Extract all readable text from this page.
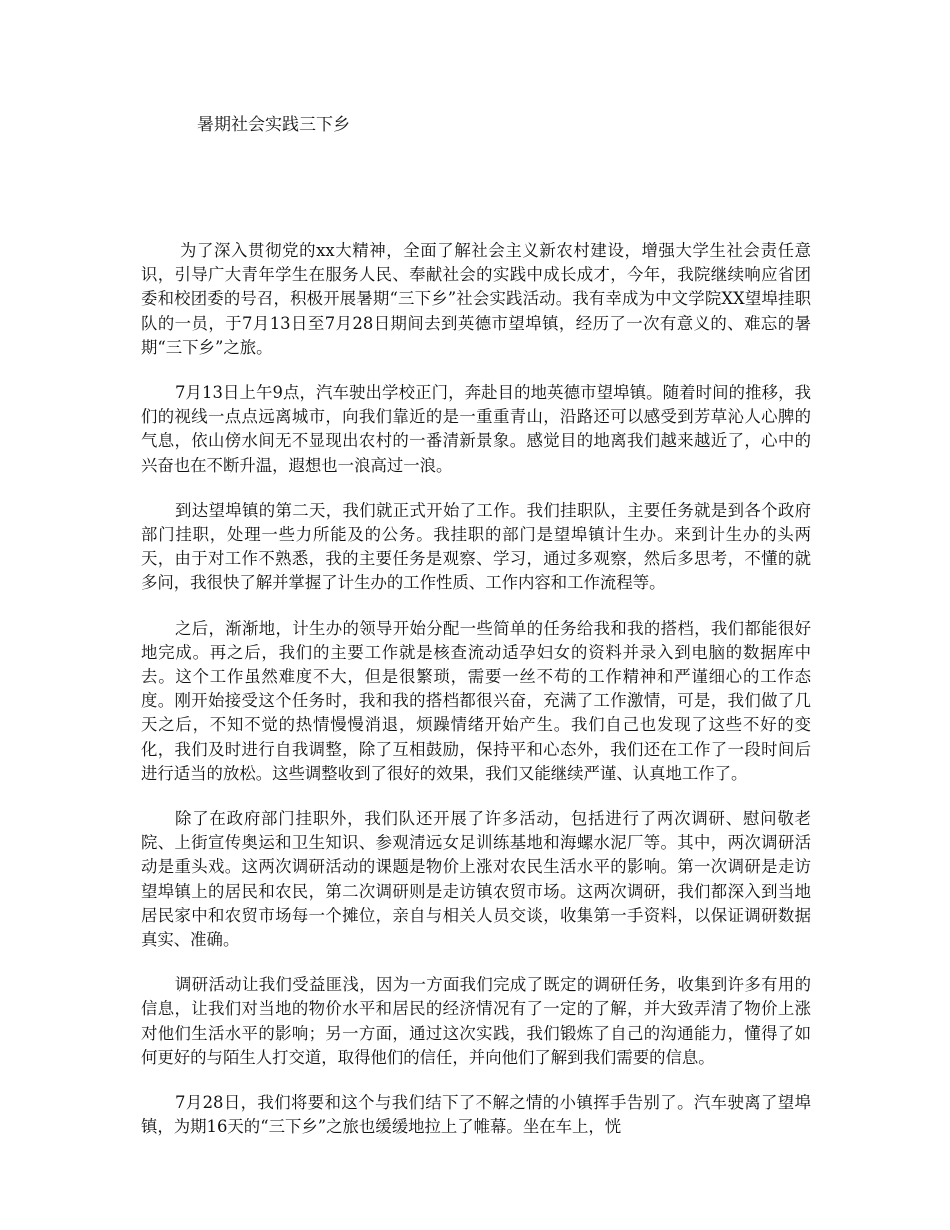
暑期社会实践三下乡

为了深入贯彻党的xx大精神，全面了解社会主义新农村建设，增强大学生社会责任意识，引导广大青年学生在服务人民、奉献社会的实践中成长成才，今年，我院继续响应省团委和校团委的号召，积极开展暑期“三下乡”社会实践活动。我有幸成为中文学院XX望埠挂职队的一员，于7月13日至7月28日期间去到英德市望埠镇，经历了一次有意义的、难忘的暑期“三下乡”之旅。

7月13日上午9点，汽车驶出学校正门，奔赴目的地英德市望埠镇。随着时间的推移，我们的视线一点点远离城市，向我们靠近的是一重重青山，沿路还可以感受到芳草沁人心脾的气息，依山傍水间无不显现出农村的一番清新景象。感觉目的地离我们越来越近了，心中的兴奋也在不断升温，遐想也一浪高过一浪。

到达望埠镇的第二天，我们就正式开始了工作。我们挂职队，主要任务就是到各个政府部门挂职，处理一些力所能及的公务。我挂职的部门是望埠镇计生办。来到计生办的头两天，由于对工作不熟悉，我的主要任务是观察、学习，通过多观察，然后多思考，不懂的就多问，我很快了解并掌握了计生办的工作性质、工作内容和工作流程等。

之后，渐渐地，计生办的领导开始分配一些简单的任务给我和我的搭档，我们都能很好地完成。再之后，我们的主要工作就是核查流动适孕妇女的资料并录入到电脑的数据库中去。这个工作虽然难度不大，但是很繁琐，需要一丝不苟的工作精神和严谨细心的工作态度。刚开始接受这个任务时，我和我的搭档都很兴奋，充满了工作激情，可是，我们做了几天之后，不知不觉的热情慢慢消退，烦躁情绪开始产生。我们自己也发现了这些不好的变化，我们及时进行自我调整，除了互相鼓励，保持平和心态外，我们还在工作了一段时间后进行适当的放松。这些调整收到了很好的效果，我们又能继续严谨、认真地工作了。

除了在政府部门挂职外，我们队还开展了许多活动，包括进行了两次调研、慰问敬老院、上街宣传奥运和卫生知识、参观清远女足训练基地和海螺水泥厂等。其中，两次调研活动是重头戏。这两次调研活动的课题是物价上涨对农民生活水平的影响。第一次调研是走访望埠镇上的居民和农民，第二次调研则是走访镇农贸市场。这两次调研，我们都深入到当地居民家中和农贸市场每一个摊位，亲自与相关人员交谈，收集第一手资料，以保证调研数据真实、准确。

调研活动让我们受益匪浅，因为一方面我们完成了既定的调研任务，收集到许多有用的信息，让我们对当地的物价水平和居民的经济情况有了一定的了解，并大致弄清了物价上涨对他们生活水平的影响；另一方面，通过这次实践，我们锻炼了自己的沟通能力，懂得了如何更好的与陌生人打交道，取得他们的信任，并向他们了解到我们需要的信息。

7月28日，我们将要和这个与我们结下了不解之情的小镇挥手告别了。汽车驶离了望埠镇，为期16天的“三下乡”之旅也缓缓地拉上了帷幕。坐在车上，恍
